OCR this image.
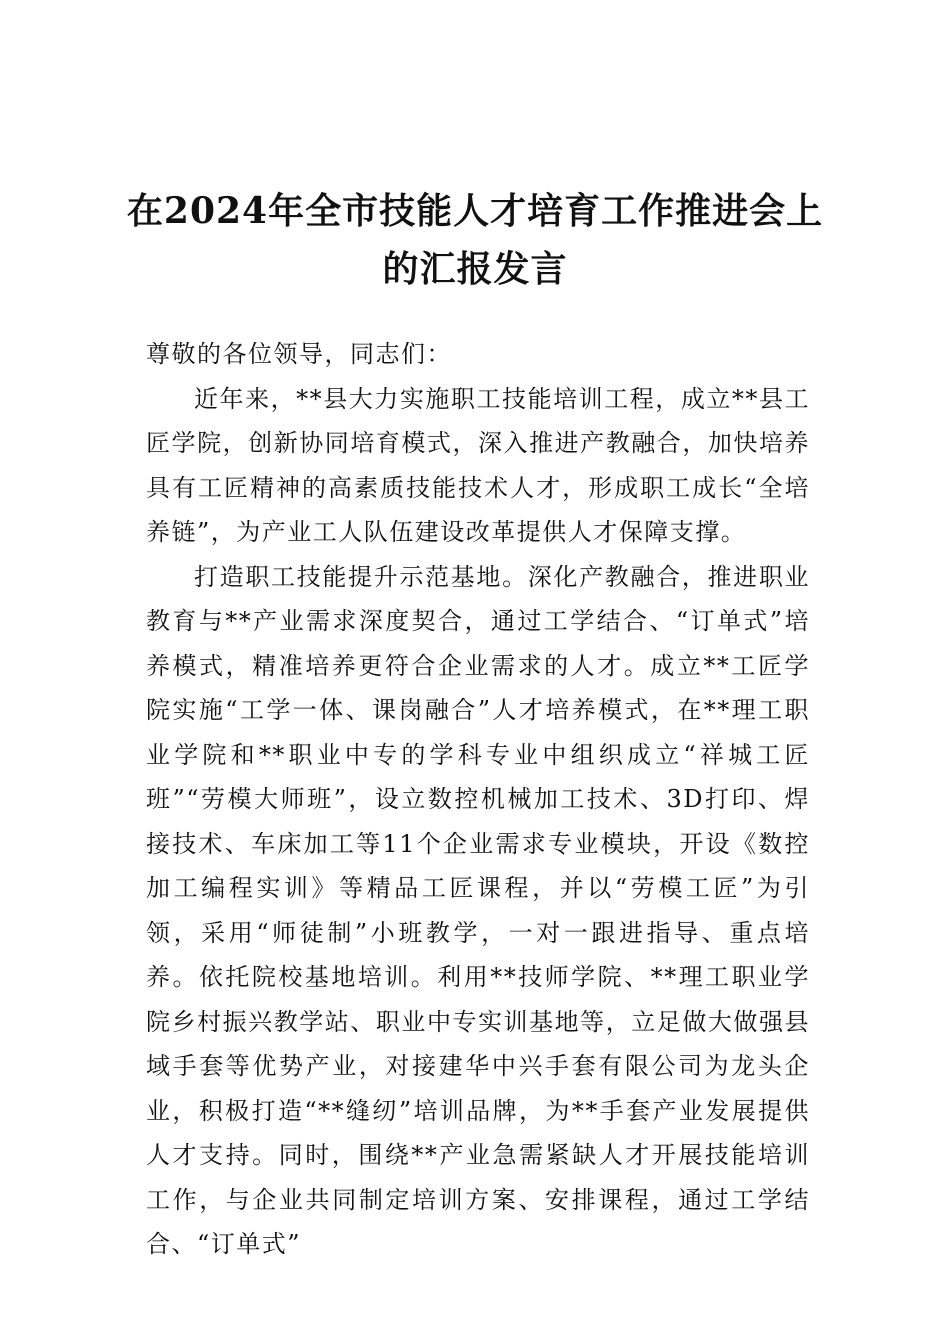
在2024年全市技能人才培育工作推进会上的汇报发言

尊敬的各位领导，同志们：

近年来，**县大力实施职工技能培训工程，成立**县工匠学院，创新协同培育模式，深入推进产教融合，加快培养具有工匠精神的高素质技能技术人才，形成职工成长“全培养链”，为产业工人队伍建设改革提供人才保障支撑。

打造职工技能提升示范基地。深化产教融合，推进职业教育与**产业需求深度契合，通过工学结合、“订单式”培养模式，精准培养更符合企业需求的人才。成立**工匠学院实施“工学一体、课岗融合”人才培养模式，在**理工职业学院和**职业中专的学科专业中组织成立“祥城工匠班”“劳模大师班”，设立数控机械加工技术、3D打印、焊接技术、车床加工等11个企业需求专业模块，开设《数控加工编程实训》等精品工匠课程，并以“劳模工匠”为引领，采用“师徒制”小班教学，一对一跟进指导、重点培养。依托院校基地培训。利用**技师学院、**理工职业学院乡村振兴教学站、职业中专实训基地等，立足做大做强县域手套等优势产业，对接建华中兴手套有限公司为龙头企业，积极打造“**缝纫”培训品牌，为**手套产业发展提供人才支持。同时，围绕**产业急需紧缺人才开展技能培训工作，与企业共同制定培训方案、安排课程，通过工学结合、“订单式”
